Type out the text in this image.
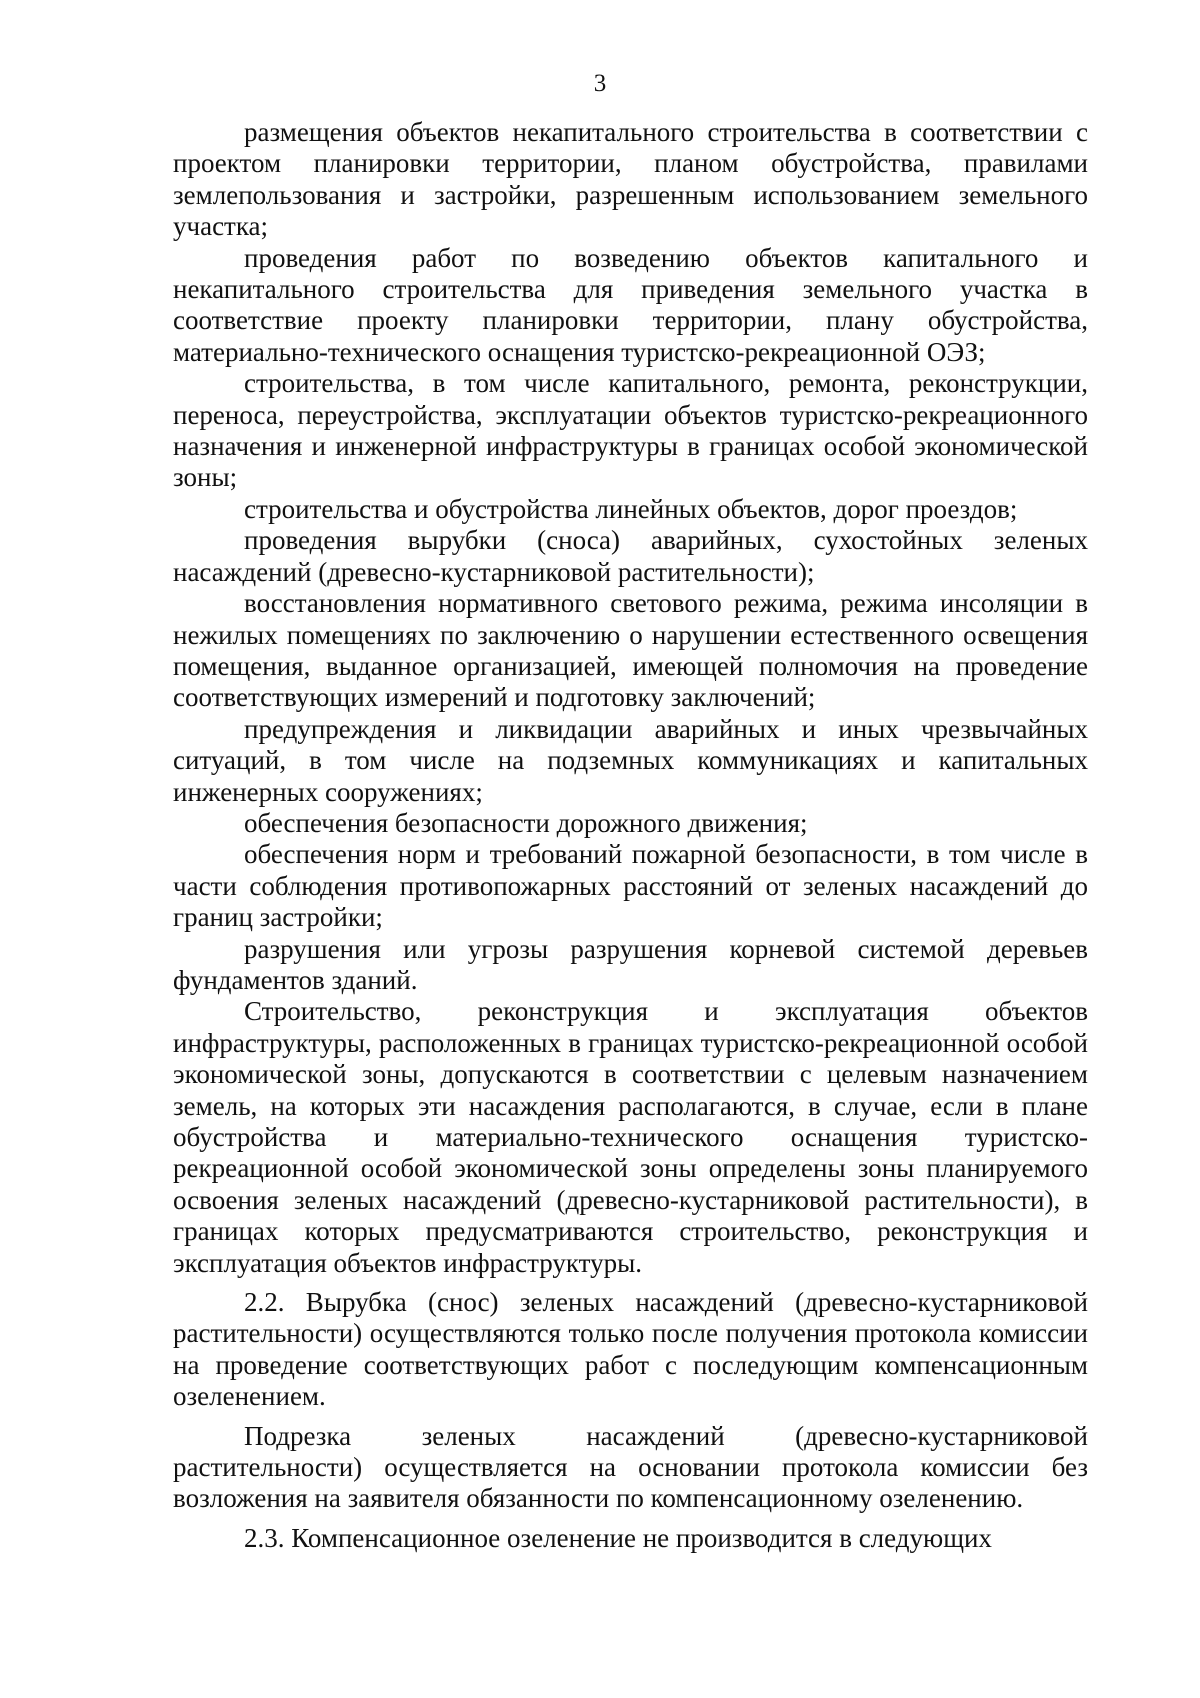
3

размещения объектов некапитального строительства в соответствии с проектом планировки территории, планом обустройства, правилами землепользования и застройки, разрешенным использованием земельного участка;

проведения работ по возведению объектов капитального и некапитального строительства для приведения земельного участка в соответствие проекту планировки территории, плану обустройства, материально-технического оснащения туристско-рекреационной ОЭЗ;

строительства, в том числе капитального, ремонта, реконструкции, переноса, переустройства, эксплуатации объектов туристско-рекреационного назначения и инженерной инфраструктуры в границах особой экономической зоны;

строительства и обустройства линейных объектов, дорог проездов;

проведения вырубки (сноса) аварийных, сухостойных зеленых насаждений (древесно-кустарниковой растительности);

восстановления нормативного светового режима, режима инсоляции в нежилых помещениях по заключению о нарушении естественного освещения помещения, выданное организацией, имеющей полномочия на проведение соответствующих измерений и подготовку заключений;

предупреждения и ликвидации аварийных и иных чрезвычайных ситуаций, в том числе на подземных коммуникациях и капитальных инженерных сооружениях;

обеспечения безопасности дорожного движения;

обеспечения норм и требований пожарной безопасности, в том числе в части соблюдения противопожарных расстояний от зеленых насаждений до границ застройки;

разрушения или угрозы разрушения корневой системой деревьев фундаментов зданий.

Строительство, реконструкция и эксплуатация объектов инфраструктуры, расположенных в границах туристско-рекреационной особой экономической зоны, допускаются в соответствии с целевым назначением земель, на которых эти насаждения располагаются, в случае, если в плане обустройства и материально-технического оснащения туристско-рекреационной особой экономической зоны определены зоны планируемого освоения зеленых насаждений (древесно-кустарниковой растительности), в границах которых предусматриваются строительство, реконструкция и эксплуатация объектов инфраструктуры.

2.2. Вырубка (снос) зеленых насаждений (древесно-кустарниковой растительности) осуществляются только после получения протокола комиссии на проведение соответствующих работ с последующим компенсационным озеленением.

Подрезка зеленых насаждений (древесно-кустарниковой растительности) осуществляется на основании протокола комиссии без возложения на заявителя обязанности по компенсационному озеленению.

2.3. Компенсационное озеленение не производится в следующих
